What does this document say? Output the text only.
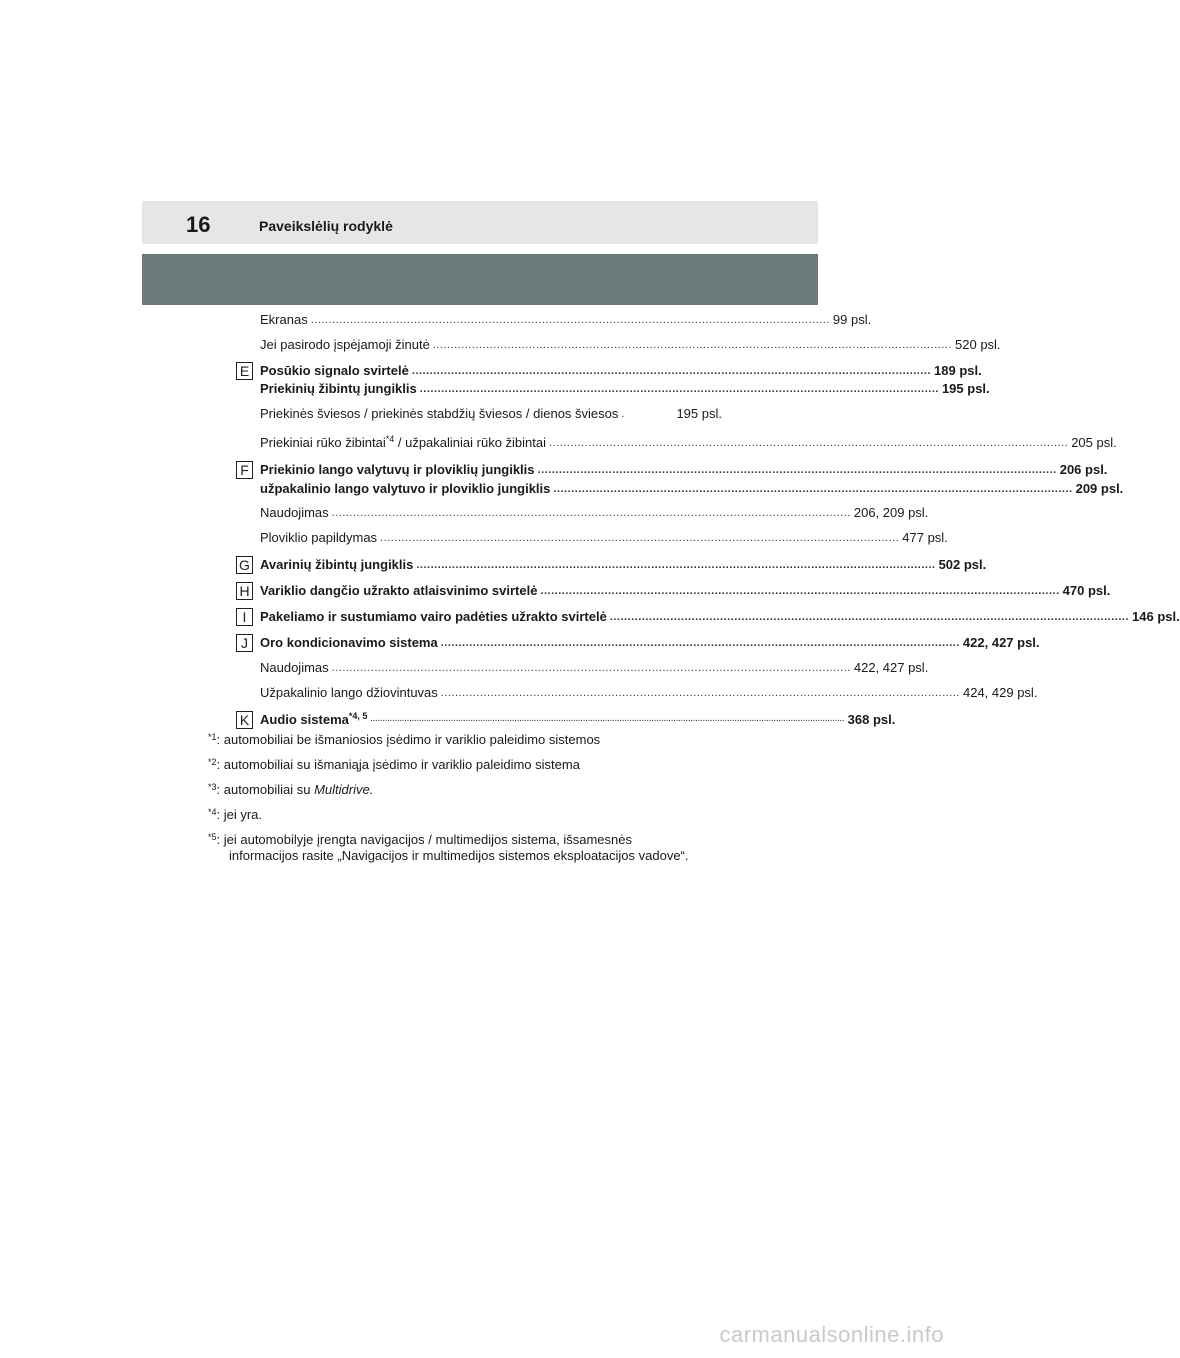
16	Paveikslėlių rodyklė
Ekranas .................................................................................................................................................. 99 psl.
Jei pasirodo įspėjamoji žinutė .................................................................................................................................................. 520 psl.
E Posūkio signalo svirtelė .................................................................................................................................................. 189 psl.
Priekinių žibintų jungiklis .................................................................................................................................................. 195 psl.
Priekinės šviesos / priekinės stabdžių šviesos / dienos šviesos .	195 psl.
Priekiniai rūko žibintai$^{*4}$ / užpakaliniai rūko žibintai .................................................................................................................................................. 205 psl.
F Priekinio lango valytuvų ir ploviklių jungiklis .................................................................................................................................................. 206 psl.
užpakalinio lango valytuvo ir ploviklio jungiklis .................................................................................................................................................. 209 psl.
Naudojimas .................................................................................................................................................. 206, 209 psl.
Ploviklio papildymas .................................................................................................................................................. 477 psl.
G Avarinių žibintų jungiklis .................................................................................................................................................. 502 psl.
H Variklio dangčio užrakto atlaisvinimo svirtelė .................................................................................................................................................. 470 psl.
I	Pakeliamo ir sustumiamo vairo padėties užrakto svirtelė .................................................................................................................................................. 146 psl.
J Oro kondicionavimo sistema .................................................................................................................................................. 422, 427 psl.
Naudojimas .................................................................................................................................................. 422, 427 psl.
Užpakalinio lango džiovintuvas .................................................................................................................................................. 424, 429 psl.
K Audio sistema$^{*4, 5}$ .................................................................................................................................................................................................. 368 psl.
$^{*1}$: automobiliai be išmaniosios įsėdimo ir variklio paleidimo sistemos
$^{*2}$: automobiliai su išmaniąja įsėdimo ir variklio paleidimo sistema
$^{*3}$: automobiliai su Multidrive.
$^{*4}$: jei yra.
$^{*5}$: jei automobilyje įrengta navigacijos / multimedijos sistema, išsamesnės
informacijos rasite „Navigacijos ir multimedijos sistemos eksploatacijos vadove“.
carmanualsonline.info
